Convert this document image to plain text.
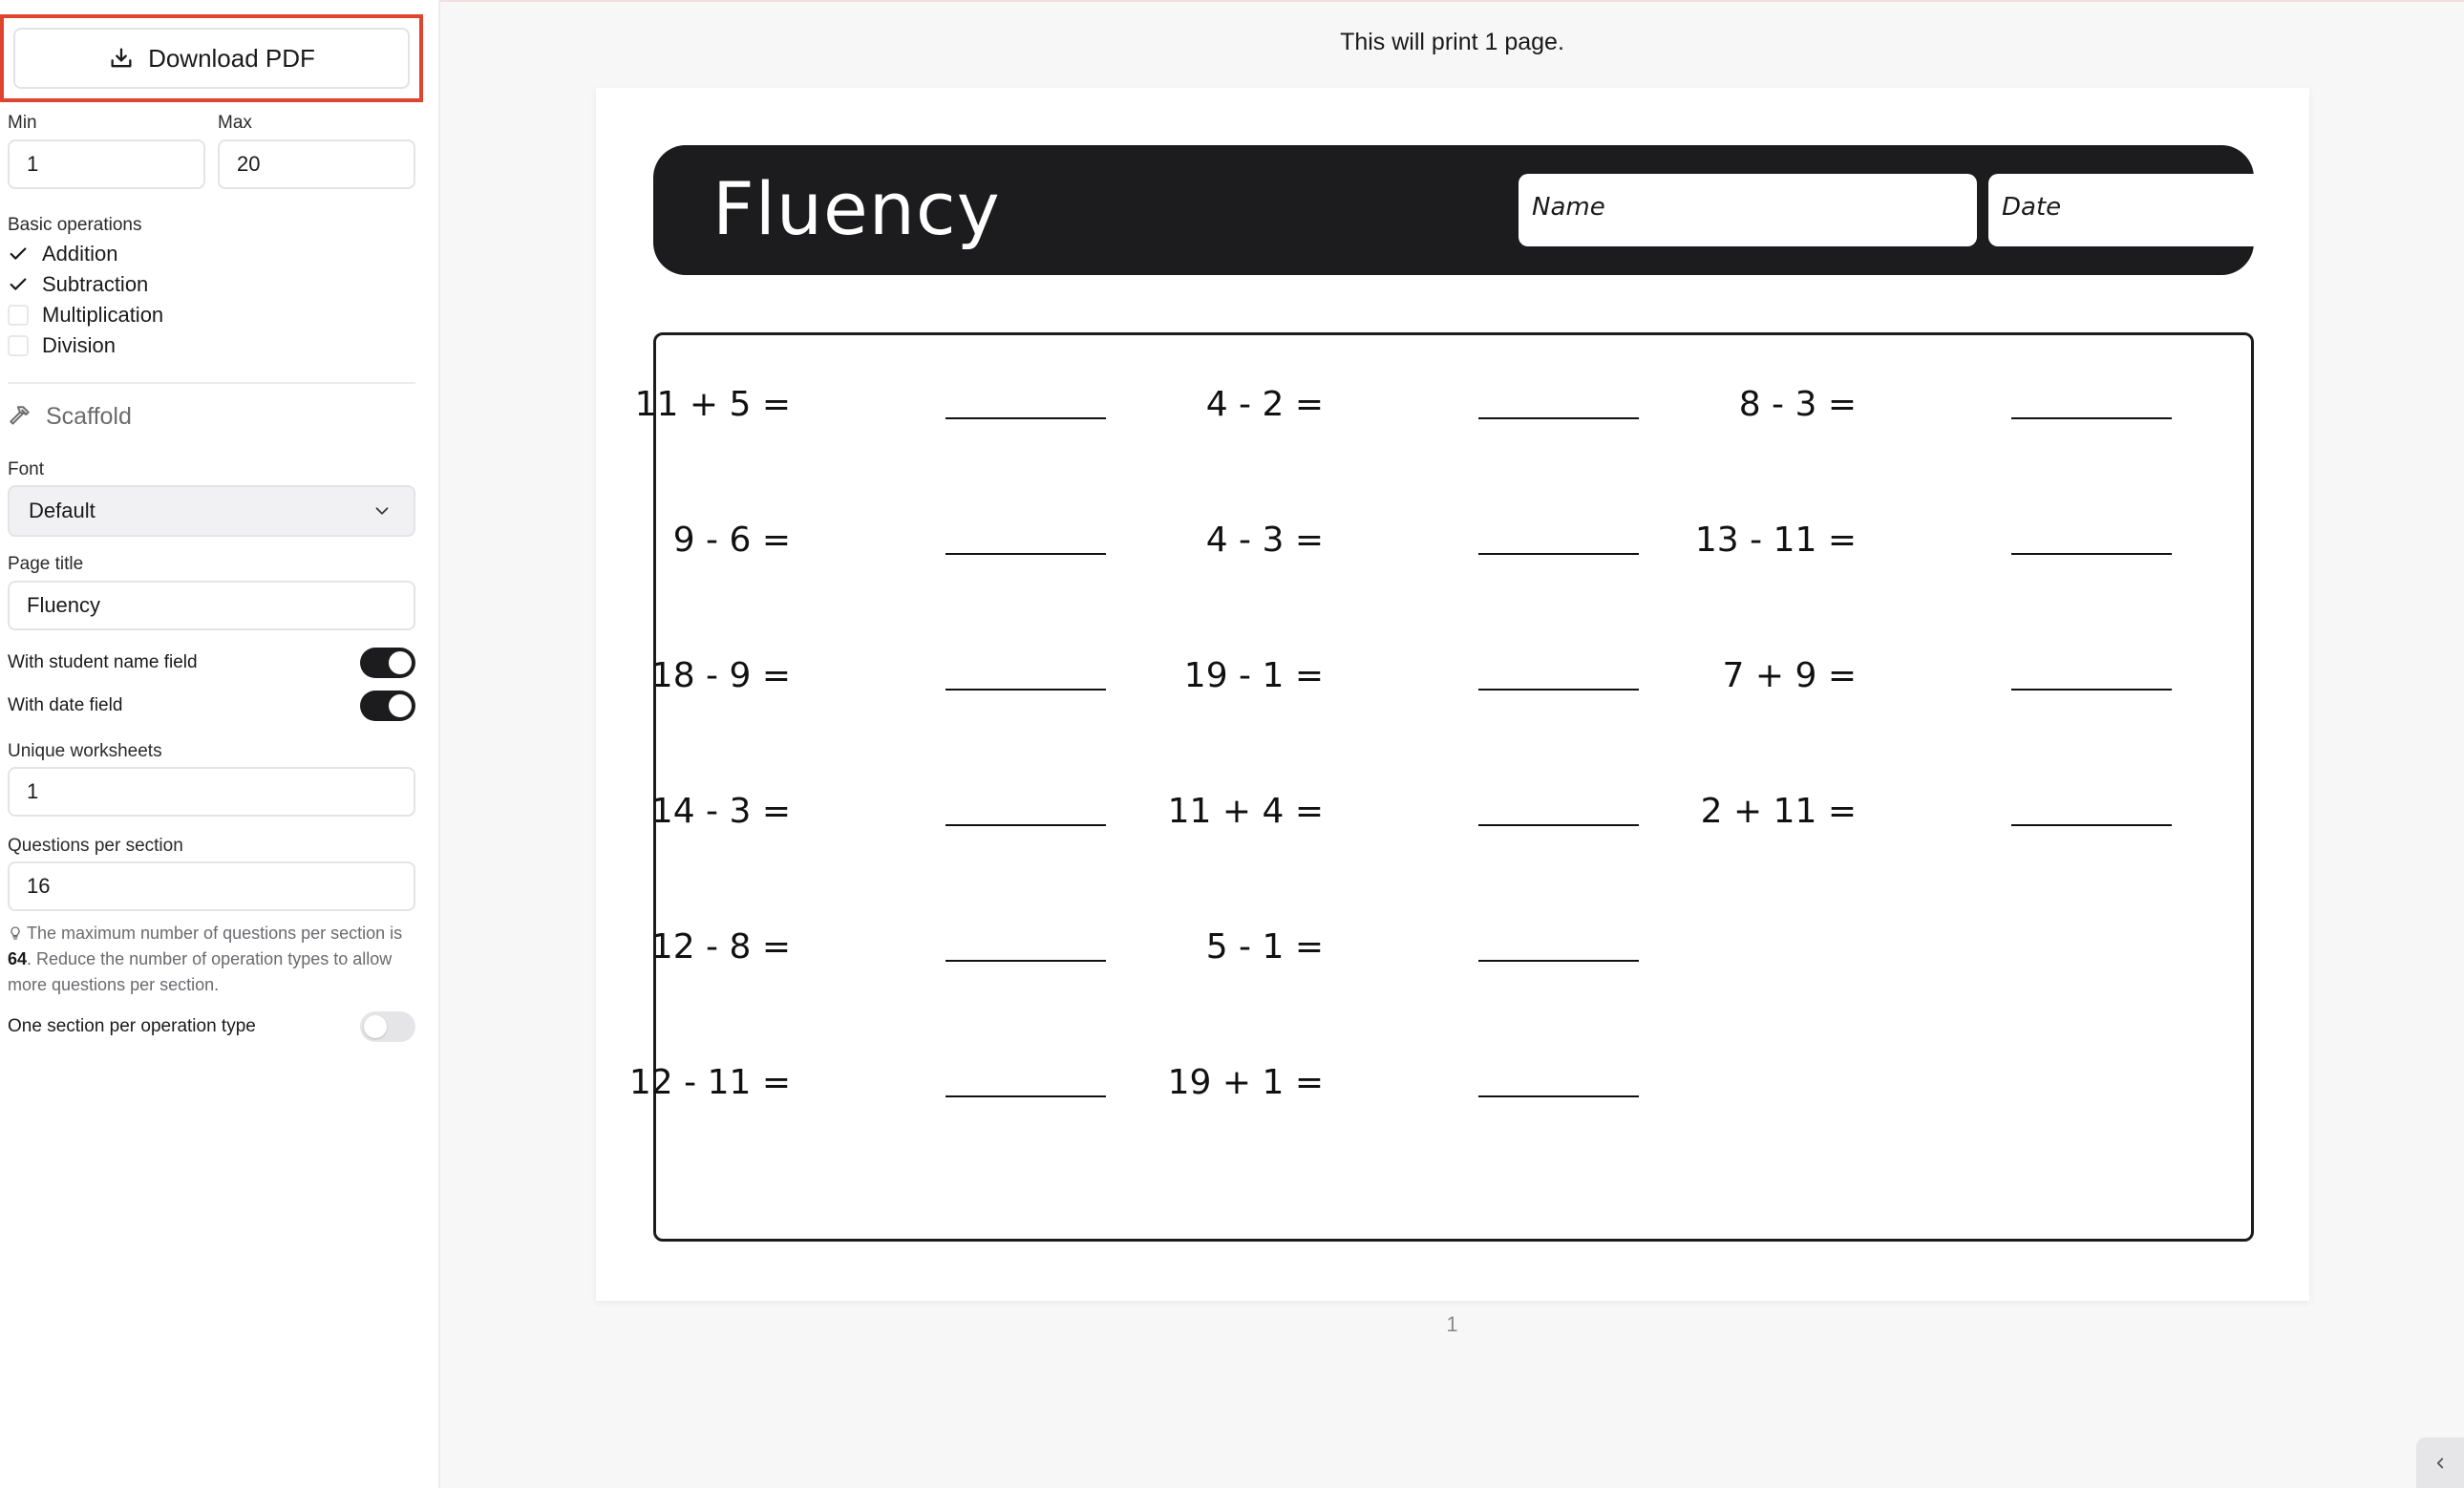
Download PDF
Min
1
Max
20
Basic operations
Addition
Subtraction
Multiplication
Division
Scaffold
Font
Default
Page title
Fluency
With student name field
With date field
Unique worksheets
1
Questions per section
16

The maximum number of questions per section is 64. Reduce the number of operation types to allow more questions per section.

One section per operation type
This will print 1 page.
Fluency	Name	Date
11 + 5 =	4 - 2 =	8 - 3 =
9 - 6 =	4 - 3 =	13 - 11 =
18 - 9 =	19 - 1 =	7 + 9 =
14 - 3 =	11 + 4 =	2 + 11 =
12 - 8 =	5 - 1 =
12 - 11 =	19 + 1 =
1
